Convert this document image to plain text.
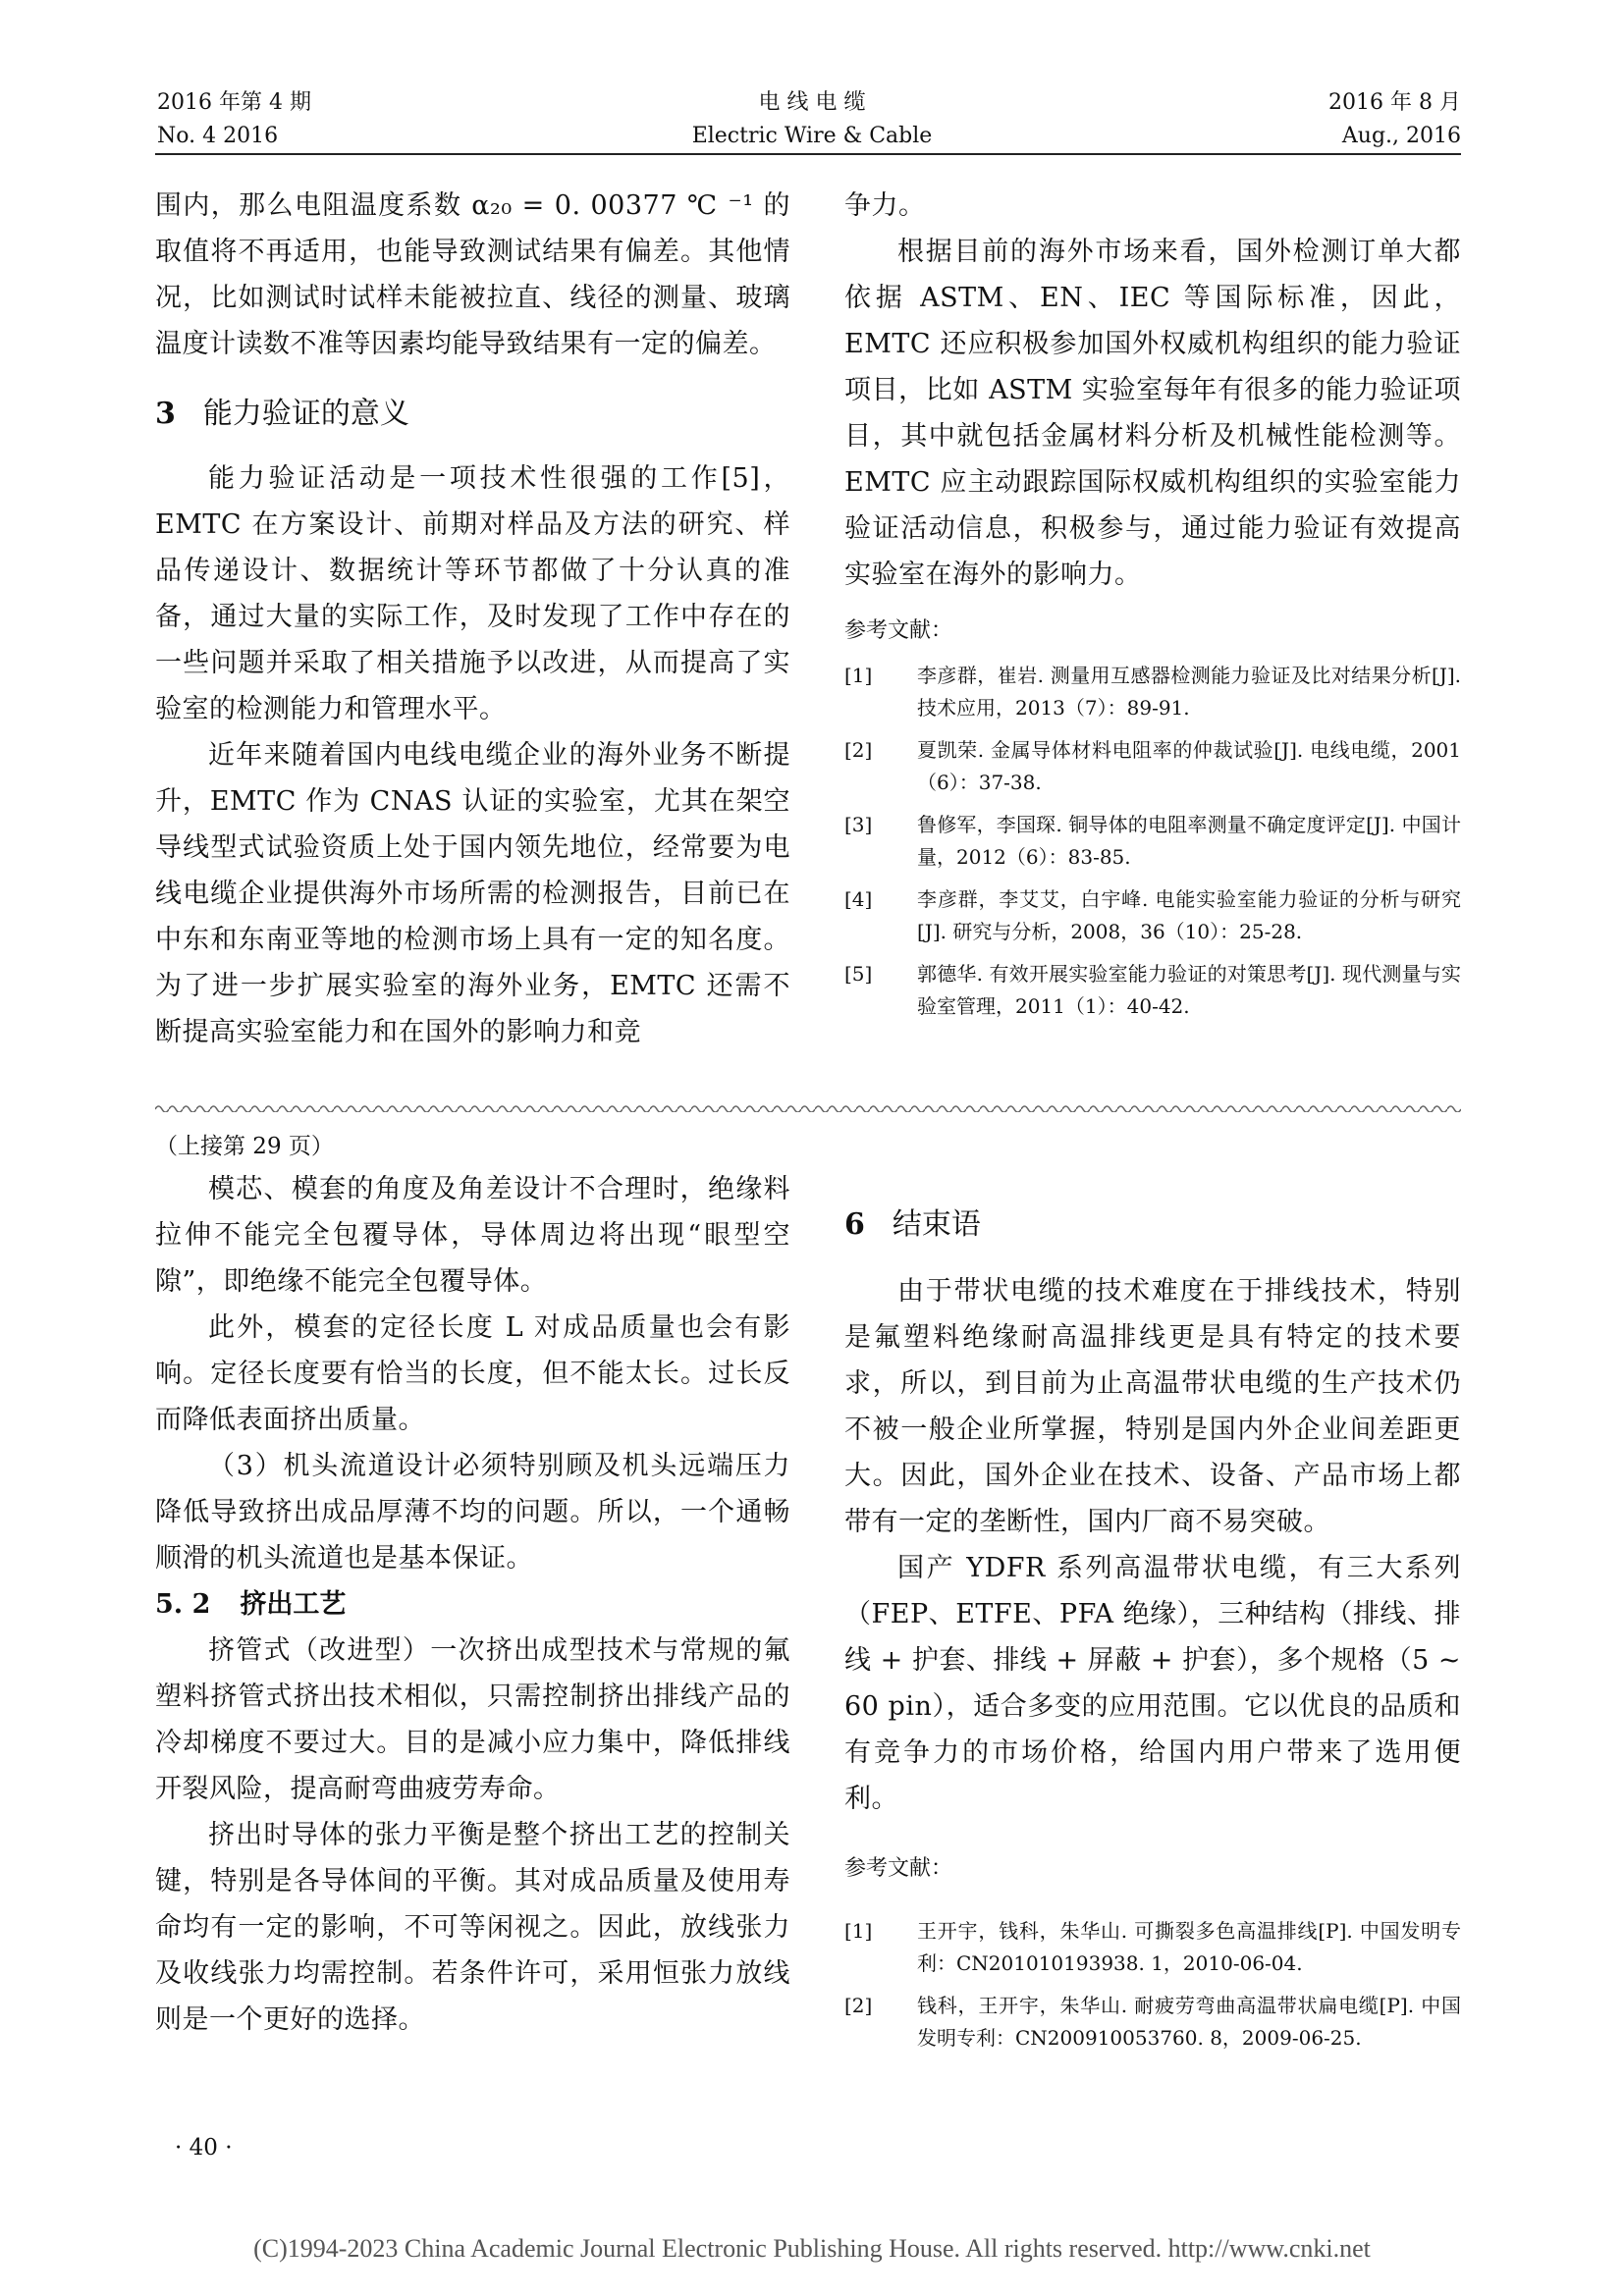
2016 年第 4 期
No. 4 2016
电 线 电 缆
Electric Wire & Cable
2016 年 8 月
Aug., 2016

围内，那么电阻温度系数 α₂₀ = 0. 00377 ℃ ⁻¹ 的取值将不再适用，也能导致测试结果有偏差。其他情况，比如测试时试样未能被拉直、线径的测量、玻璃温度计读数不准等因素均能导致结果有一定的偏差。

3 能力验证的意义

能力验证活动是一项技术性很强的工作[5]，EMTC 在方案设计、前期对样品及方法的研究、样品传递设计、数据统计等环节都做了十分认真的准备，通过大量的实际工作，及时发现了工作中存在的一些问题并采取了相关措施予以改进，从而提高了实验室的检测能力和管理水平。

近年来随着国内电线电缆企业的海外业务不断提升，EMTC 作为 CNAS 认证的实验室，尤其在架空导线型式试验资质上处于国内领先地位，经常要为电线电缆企业提供海外市场所需的检测报告，目前已在中东和东南亚等地的检测市场上具有一定的知名度。为了进一步扩展实验室的海外业务，EMTC 还需不断提高实验室能力和在国外的影响力和竞

争力。

根据目前的海外市场来看，国外检测订单大都依据 ASTM、EN、IEC 等国际标准，因此，EMTC 还应积极参加国外权威机构组织的能力验证项目，比如 ASTM 实验室每年有很多的能力验证项目，其中就包括金属材料分析及机械性能检测等。EMTC 应主动跟踪国际权威机构组织的实验室能力验证活动信息，积极参与，通过能力验证有效提高实验室在海外的影响力。

参考文献：

[1]	李彦群，崔岩. 测量用互感器检测能力验证及比对结果分析[J]. 技术应用，2013（7）：89-91.
[2]	夏凯荣. 金属导体材料电阻率的仲裁试验[J]. 电线电缆，2001（6）：37-38.
[3]	鲁修军，李国琛. 铜导体的电阻率测量不确定度评定[J]. 中国计量，2012（6）：83-85.
[4]	李彦群，李艾艾，白宇峰. 电能实验室能力验证的分析与研究[J]. 研究与分析，2008，36（10）：25-28.
[5]	郭德华. 有效开展实验室能力验证的对策思考[J]. 现代测量与实验室管理，2011（1）：40-42.

（上接第 29 页）

模芯、模套的角度及角差设计不合理时，绝缘料拉伸不能完全包覆导体，导体周边将出现“眼型空隙”，即绝缘不能完全包覆导体。

此外，模套的定径长度 L 对成品质量也会有影响。定径长度要有恰当的长度，但不能太长。过长反而降低表面挤出质量。

（3）机头流道设计必须特别顾及机头远端压力降低导致挤出成品厚薄不均的问题。所以，一个通畅顺滑的机头流道也是基本保证。

5. 2 挤出工艺

挤管式（改进型）一次挤出成型技术与常规的氟塑料挤管式挤出技术相似，只需控制挤出排线产品的冷却梯度不要过大。目的是减小应力集中，降低排线开裂风险，提高耐弯曲疲劳寿命。

挤出时导体的张力平衡是整个挤出工艺的控制关键，特别是各导体间的平衡。其对成品质量及使用寿命均有一定的影响，不可等闲视之。因此，放线张力及收线张力均需控制。若条件许可，采用恒张力放线则是一个更好的选择。

6 结束语

由于带状电缆的技术难度在于排线技术，特别是氟塑料绝缘耐高温排线更是具有特定的技术要求，所以，到目前为止高温带状电缆的生产技术仍不被一般企业所掌握，特别是国内外企业间差距更大。因此，国外企业在技术、设备、产品市场上都带有一定的垄断性，国内厂商不易突破。

国产 YDFR 系列高温带状电缆，有三大系列（FEP、ETFE、PFA 绝缘），三种结构（排线、排线 + 护套、排线 + 屏蔽 + 护套），多个规格（5 ~ 60 pin），适合多变的应用范围。它以优良的品质和有竞争力的市场价格，给国内用户带来了选用便利。

参考文献：

[1]	王开宇，钱科，朱华山. 可撕裂多色高温排线[P]. 中国发明专利：CN201010193938. 1，2010-06-04.
[2]	钱科，王开宇，朱华山. 耐疲劳弯曲高温带状扁电缆[P]. 中国发明专利：CN200910053760. 8，2009-06-25.
· 40 ·
(C)1994-2023 China Academic Journal Electronic Publishing House. All rights reserved. http://www.cnki.net
